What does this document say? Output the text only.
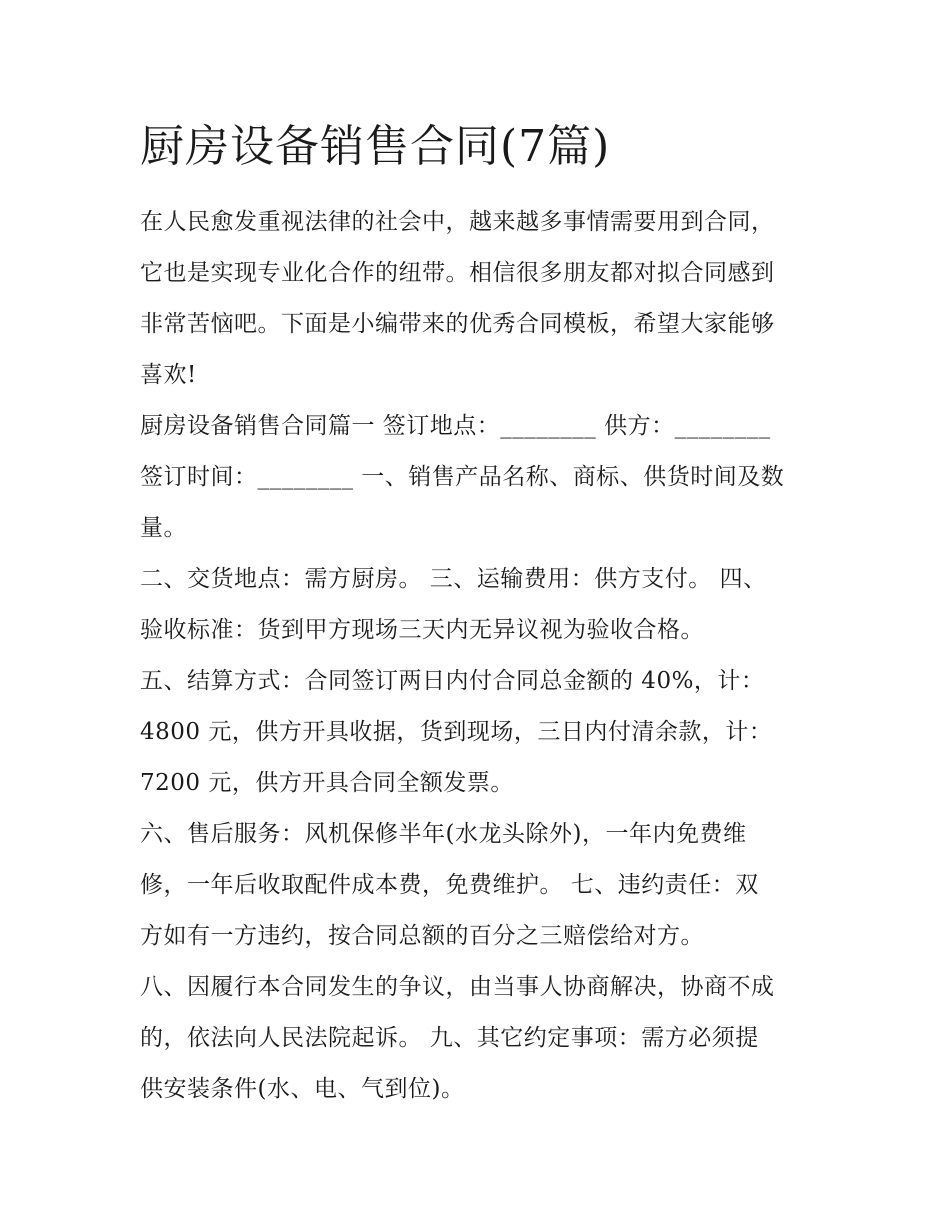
厨房设备销售合同(7篇)

在人民愈发重视法律的社会中，越来越多事情需要用到合同，
它也是实现专业化合作的纽带。相信很多朋友都对拟合同感到
非常苦恼吧。下面是小编带来的优秀合同模板，希望大家能够
喜欢!

厨房设备销售合同篇一 签订地点：________ 供方：________
签订时间：________ 一、销售产品名称、商标、供货时间及数
量。

二、交货地点：需方厨房。 三、运输费用：供方支付。 四、
验收标准：货到甲方现场三天内无异议视为验收合格。

五、结算方式：合同签订两日内付合同总金额的 40%，计：
4800 元，供方开具收据，货到现场，三日内付清余款，计：
7200 元，供方开具合同全额发票。

六、售后服务：风机保修半年(水龙头除外)，一年内免费维
修，一年后收取配件成本费，免费维护。 七、违约责任：双
方如有一方违约，按合同总额的百分之三赔偿给对方。

八、因履行本合同发生的争议，由当事人协商解决，协商不成
的，依法向人民法院起诉。 九、其它约定事项：需方必须提
供安装条件(水、电、气到位)。
